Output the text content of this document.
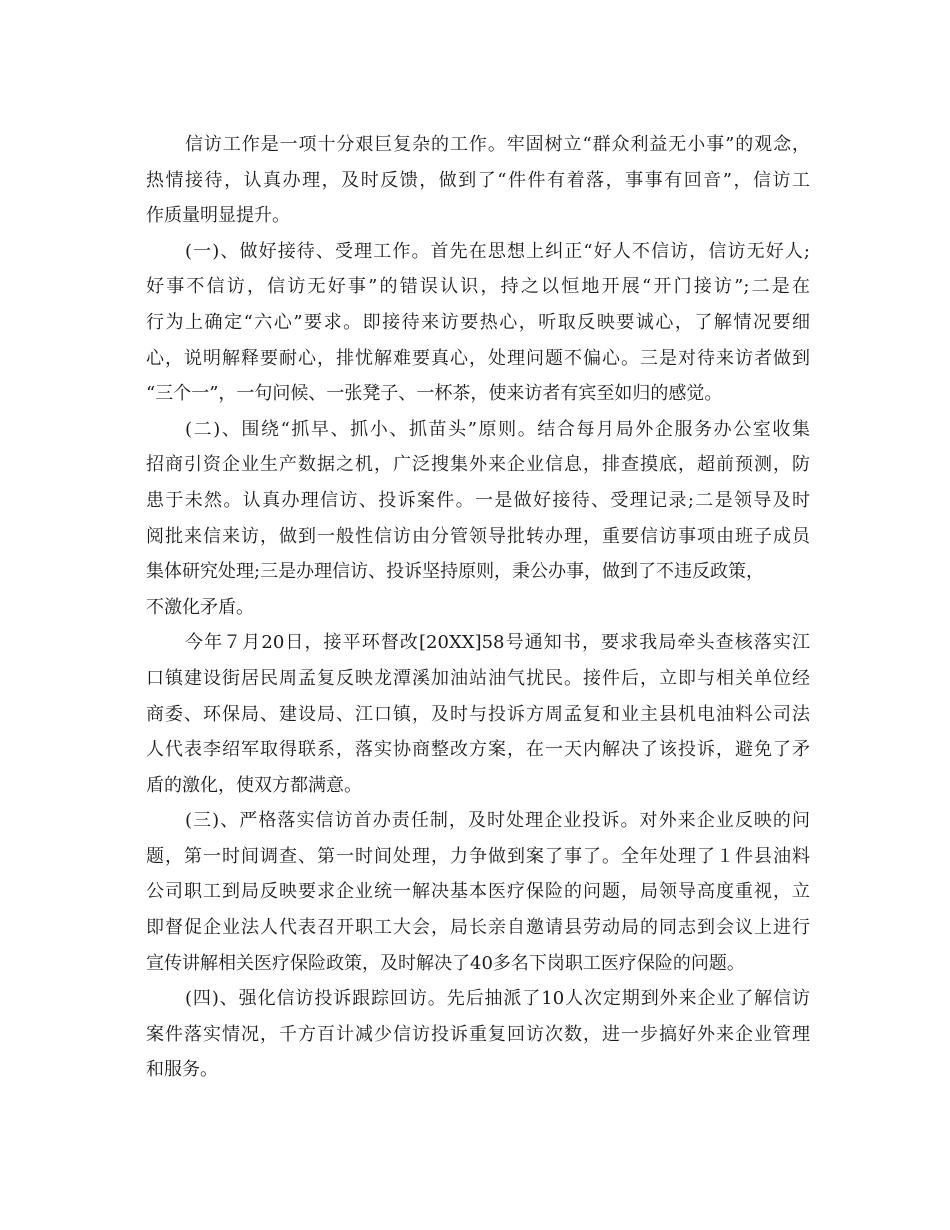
信访工作是一项十分艰巨复杂的工作。牢固树立“群众利益无小事”的观念，
热情接待，认真办理，及时反馈，做到了“件件有着落，事事有回音”，信访工
作质量明显提升。
(一)、做好接待、受理工作。首先在思想上纠正“好人不信访，信访无好人;
好事不信访，信访无好事”的错误认识，持之以恒地开展“开门接访”;二是在
行为上确定“六心”要求。即接待来访要热心，听取反映要诚心，了解情况要细
心，说明解释要耐心，排忧解难要真心，处理问题不偏心。三是对待来访者做到
“三个一”，一句问候、一张凳子、一杯茶，使来访者有宾至如归的感觉。
(二)、围绕“抓早、抓小、抓苗头”原则。结合每月局外企服务办公室收集
招商引资企业生产数据之机，广泛搜集外来企业信息，排查摸底，超前预测，防
患于未然。认真办理信访、投诉案件。一是做好接待、受理记录;二是领导及时
阅批来信来访，做到一般性信访由分管领导批转办理，重要信访事项由班子成员
集体研究处理;三是办理信访、投诉坚持原则，秉公办事，做到了不违反政策，
不激化矛盾。
今年７月20日，接平环督改[20XX]58号通知书，要求我局牵头查核落实江
口镇建设街居民周孟复反映龙潭溪加油站油气扰民。接件后，立即与相关单位经
商委、环保局、建设局、江口镇，及时与投诉方周孟复和业主县机电油料公司法
人代表李绍军取得联系，落实协商整改方案，在一天内解决了该投诉，避免了矛
盾的激化，使双方都满意。
(三)、严格落实信访首办责任制，及时处理企业投诉。对外来企业反映的问
题，第一时间调查、第一时间处理，力争做到案了事了。全年处理了１件县油料
公司职工到局反映要求企业统一解决基本医疗保险的问题，局领导高度重视，立
即督促企业法人代表召开职工大会，局长亲自邀请县劳动局的同志到会议上进行
宣传讲解相关医疗保险政策，及时解决了40多名下岗职工医疗保险的问题。
(四)、强化信访投诉跟踪回访。先后抽派了10人次定期到外来企业了解信访
案件落实情况，千方百计减少信访投诉重复回访次数，进一步搞好外来企业管理
和服务。
